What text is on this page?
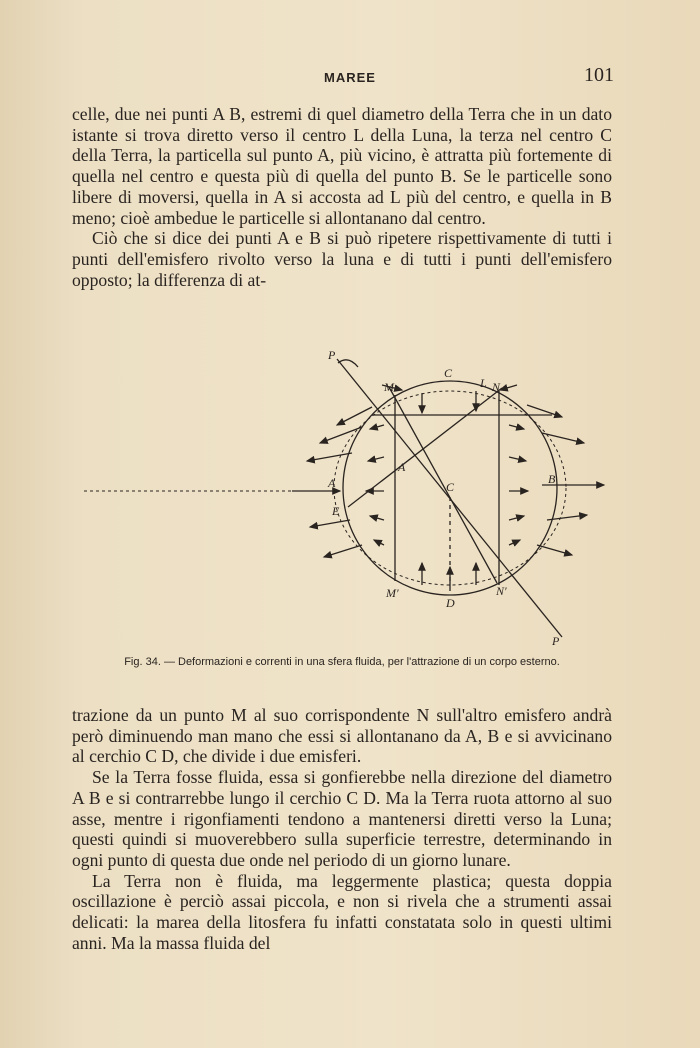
MAREE	101

celle, due nei punti A B, estremi di quel diametro della Terra che in un dato istante si trova diretto verso il centro L della Luna, la terza nel centro C della Terra, la particella sul punto A, più vicino, è attratta più fortemente di quella nel centro e questa più di quella del punto B. Se le particelle sono libere di moversi, quella in A si accosta ad L più del centro, e quella in B meno; cioè ambedue le particelle si allontanano dal centro.

Ciò che si dice dei punti A e B si può ripetere rispettivamente di tutti i punti dell'emisfero rivolto verso la luna e di tutti i punti dell'emisfero opposto; la differenza di at-

C
L N
M
P
A
A
E
C
B
M'
D
N'
P
Fig. 34. — Deformazioni e correnti in una sfera fluida, per l'attrazione di un corpo esterno.

trazione da un punto M al suo corrispondente N sull'altro emisfero andrà però diminuendo man mano che essi si allontanano da A, B e si avvicinano al cerchio C D, che divide i due emisferi.

Se la Terra fosse fluida, essa si gonfierebbe nella direzione del diametro A B e si contrarrebbe lungo il cerchio C D. Ma la Terra ruota attorno al suo asse, mentre i rigonfiamenti tendono a mantenersi diretti verso la Luna; questi quindi si muoverebbero sulla superficie terrestre, determinando in ogni punto di questa due onde nel periodo di un giorno lunare.

La Terra non è fluida, ma leggermente plastica; questa doppia oscillazione è perciò assai piccola, e non si rivela che a strumenti assai delicati: la marea della litosfera fu infatti constatata solo in questi ultimi anni. Ma la massa fluida del
